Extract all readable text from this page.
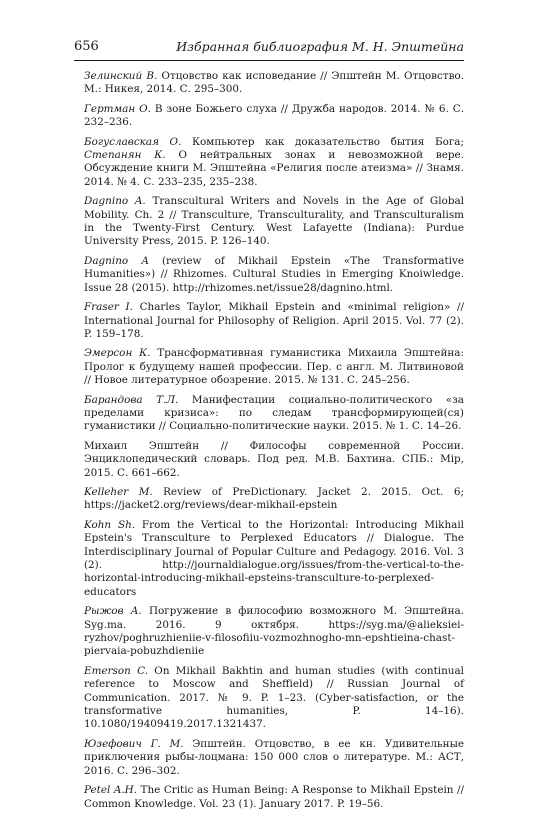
656	Избранная библиография М. Н. Эпштейна

Зелинский В. Отцовство как исповедание // Эпштейн М. Отцовство. М.: Никея, 2014. С. 295–300.

Гертман О. В зоне Божьего слуха // Дружба народов. 2014. № 6. С. 232–236.

Богуславская О. Компьютер как доказательство бытия Бога; Степанян К. О нейтральных зонах и невозможной вере. Обсуждение книги М. Эпштейна «Религия после атеизма» // Знамя. 2014. № 4. С. 233–235, 235–238.

Dagnino A. Transcultural Writers and Novels in the Age of Global Mobility. Ch. 2 // Transculture, Transculturality, and Transculturalism in the Twenty-First Century. West Lafayette (Indiana): Purdue University Press, 2015. P. 126–140.

Dagnino A (review of Mikhail Epstein «The Transformative Humanities») // Rhizomes. Cultural Studies in Emerging Knoiwledge. Issue 28 (2015). http://rhizomes.net/issue28/dagnino.html.

Fraser I. Charles Taylor, Mikhail Epstein and «minimal religion» // International Journal for Philosophy of Religion. April 2015. Vol. 77 (2). P. 159–178.

Эмерсон К. Трансформативная гуманистика Михаила Эпштейна: Пролог к будущему нашей профессии. Пер. с англ. М. Литвиновой // Новое литературное обозрение. 2015. № 131. С. 245–256.

Барандова Т.Л. Манифестации социально-политического «за пределами кризиса»: по следам трансформирующей(ся) гуманистики // Социально-политические науки. 2015. № 1. С. 14–26.

Михаил Эпштейн // Философы современной России. Энциклопедический словарь. Под ред. М.В. Бахтина. СПБ.: Мiр, 2015. С. 661–662.

Kelleher M. Review of PreDictionary. Jacket 2. 2015. Oct. 6; https://jacket2.org/reviews/dear-mikhail-epstein

Kohn Sh. From the Vertical to the Horizontal: Introducing Mikhail Epstein's Transculture to Perplexed Educators // Dialogue. The Interdisciplinary Journal of Popular Culture and Pedagogy. 2016. Vol. 3 (2). http://journaldialogue.org/issues/from-the-vertical-to-the-horizontal-introducing-mikhail-epsteins-transculture-to-perplexed-educators

Рыжов А. Погружение в философию возможного М. Эпштейна. Syg.ma. 2016. 9 октября. https://syg.ma/@alieksiei-ryzhov/poghruzhieniie-v-filosofiiu-vozmozhnogho-mn-epshtieina-chast-piervaia-pobuzhdieniie

Emerson C. On Mikhail Bakhtin and human studies (with continual reference to Moscow and Sheffield) // Russian Journal of Communication. 2017. № 9. P. 1–23. (Cyber-satisfaction, or the transformative humanities, P. 14–16). 10.1080/19409419.2017.1321437.

Юзефович Г. М. Эпштейн. Отцовство, в ее кн. Удивительные приключения рыбы-лоцмана: 150 000 слов о литературе. М.: АСТ, 2016. С. 296–302.

Petel A.H. The Critic as Human Being: A Response to Mikhail Epstein // Common Knowledge. Vol. 23 (1). January 2017. P. 19–56.
